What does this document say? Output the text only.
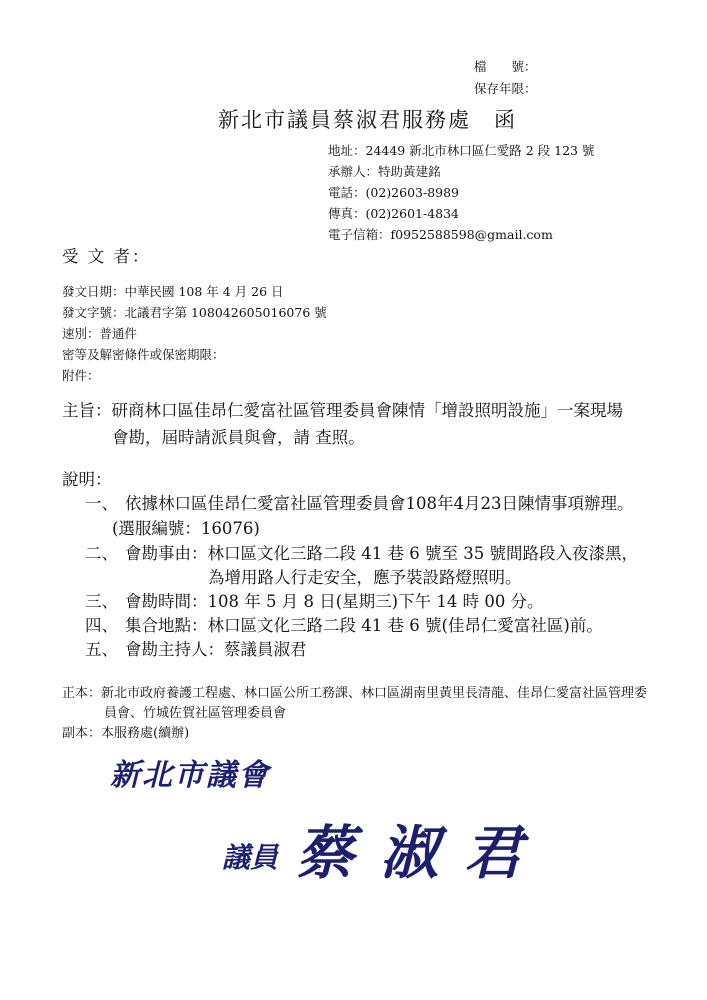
檔　　號：
保存年限：
新北市議員蔡淑君服務處　函
地址：24449 新北市林口區仁愛路 2 段 123 號
承辦人：特助黃建銘
電話：(02)2603-8989
傳真：(02)2601-4834
電子信箱：f0952588598@gmail.com
受 文 者：
發文日期：中華民國 108 年 4 月 26 日
發文字號：北議君字第 108042605016076 號
速別：普通件
密等及解密條件或保密期限：
附件：
主旨：研商林口區佳昂仁愛富社區管理委員會陳情「增設照明設施」一案現場
會勘，屆時請派員與會，請 查照。
說明：
一、 依據林口區佳昂仁愛富社區管理委員會108年4月23日陳情事項辦理。
(選服編號：16076)
二、 會勘事由：林口區文化三路二段 41 巷 6 號至 35 號間路段入夜漆黑，
為增用路人行走安全，應予裝設路燈照明。
三、 會勘時間：108 年 5 月 8 日(星期三)下午 14 時 00 分。
四、 集合地點：林口區文化三路二段 41 巷 6 號(佳昂仁愛富社區)前。
五、 會勘主持人：蔡議員淑君
正本：新北市政府養護工程處、林口區公所工務課、林口區湖南里黃里長清龍、佳昂仁愛富社區管理委
員會、竹城佐賀社區管理委員會
副本：本服務處(續辦)
新北市議會
議員 蔡淑君
